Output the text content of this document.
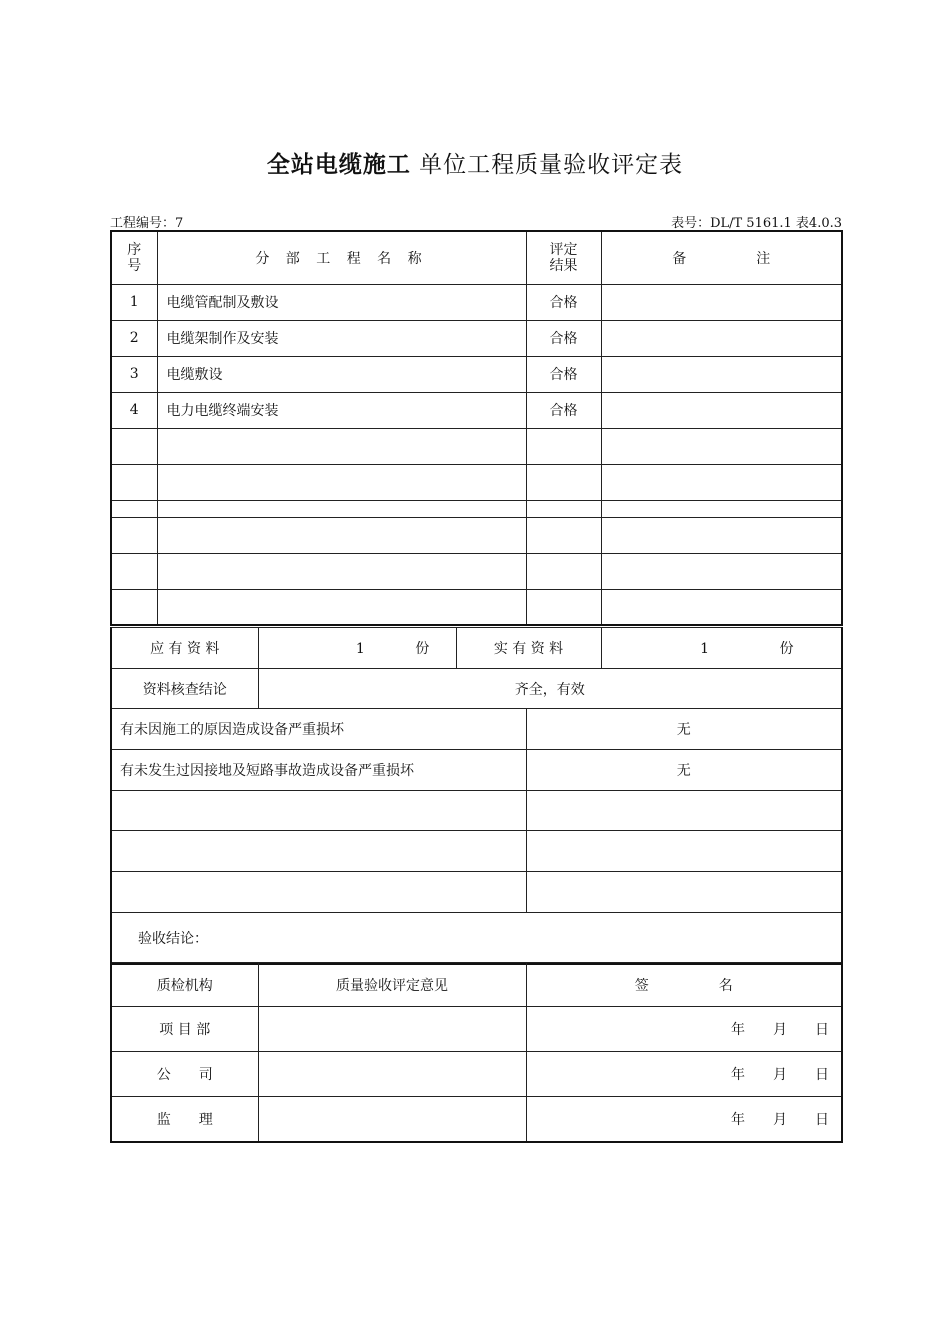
全站电缆施工 单位工程质量验收评定表
工程编号：7	表号：DL/T 5161.1 表4.0.3
序号	分 部 工 程 名 称	评定结果	备　　　　　注
1	电缆管配制及敷设	合格	
2	电缆架制作及安装	合格	
3	电缆敷设	合格	
4	电力电缆终端安装	合格	

应 有 资 料	1 份	实 有 资 料		1 份
资料核查结论	齐全，有效			
有未因施工的原因造成设备严重损坏			无	
有未发生过因接地及短路事故造成设备严重损坏			无	

验收结论：				
质检机构	质量验收评定意见	签　　　　　名
项 目 部		年 月 日
公　　司		年 月 日
监　　理		年 月 日
